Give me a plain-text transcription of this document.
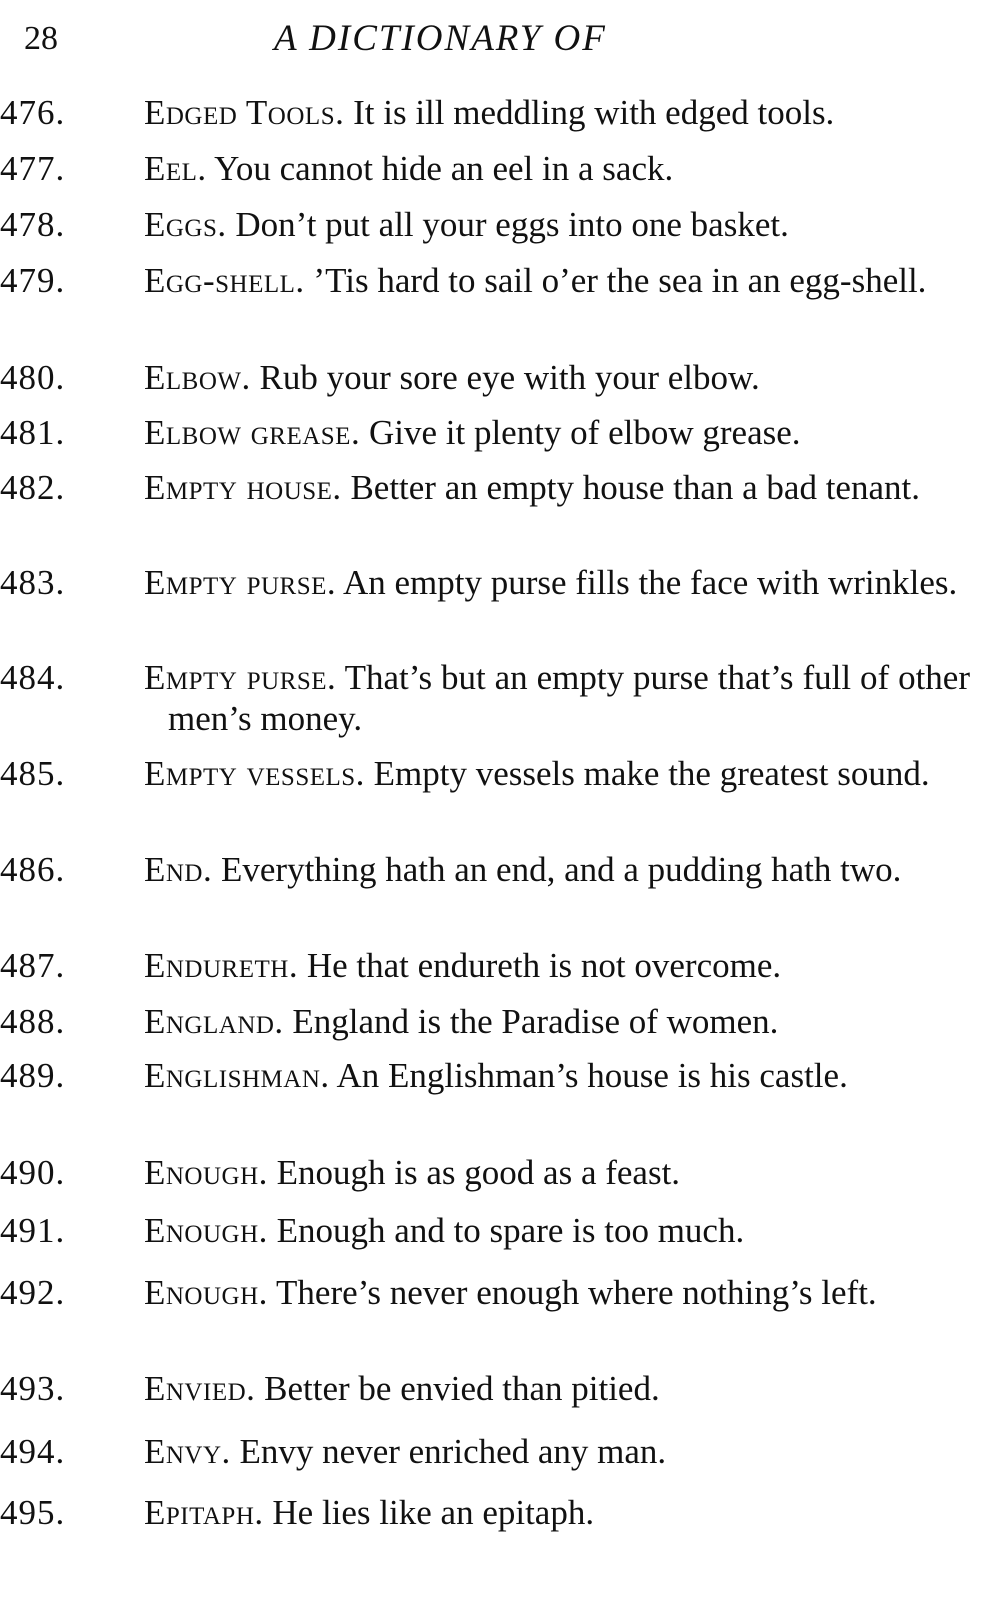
28	A DICTIONARY OF
476.	Edged Tools. It is ill meddling with edged tools.
477.	Eel. You cannot hide an eel in a sack.
478.	Eggs. Don’t put all your eggs into one basket.
479.	Egg-shell. ’Tis hard to sail o’er the sea in an egg-shell.
480.	Elbow. Rub your sore eye with your elbow.
481.	Elbow grease. Give it plenty of elbow grease.
482.	Empty house. Better an empty house than a bad tenant.
483.	Empty purse. An empty purse fills the face with wrinkles.
484.	Empty purse. That’s but an empty purse that’s full of other men’s money.
485.	Empty vessels. Empty vessels make the greatest sound.
486.	End. Everything hath an end, and a pudding hath two.
487.	Endureth. He that endureth is not overcome.
488.	England. England is the Paradise of women.
489.	Englishman. An Englishman’s house is his castle.
490.	Enough. Enough is as good as a feast.
491.	Enough. Enough and to spare is too much.
492.	Enough. There’s never enough where nothing’s left.
493.	Envied. Better be envied than pitied.
494.	Envy. Envy never enriched any man.
495.	Epitaph. He lies like an epitaph.
